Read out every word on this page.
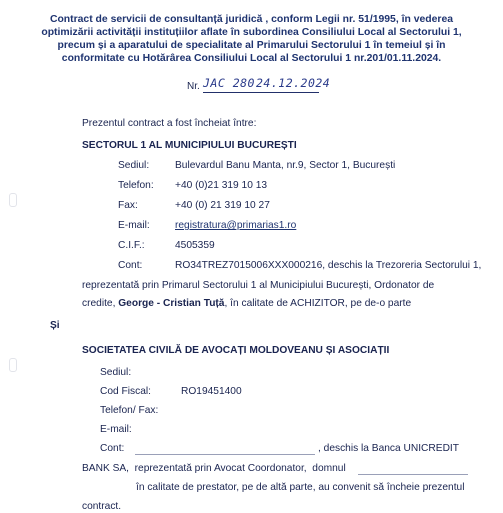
Contract de servicii de consultanță juridică , conform Legii nr. 51/1995, în vederea
optimizării activității instituțiilor aflate în subordinea Consiliului Local al Sectorului 1,
precum și a aparatului de specialitate al Primarului Sectorului 1 în temeiul și în
conformitate cu Hotărârea Consiliului Local al Sectorului 1 nr.201/01.11.2024.
Nr. JAC 280 24.12.2024
Prezentul contract a fost încheiat între:
SECTORUL 1 AL MUNICIPIULUI BUCUREȘTI
Sediul:	Bulevardul Banu Manta, nr.9, Sector 1, București
Telefon: +40 (0)21 319 10 13
Fax:	+40 (0) 21 319 10 27
E-mail: registratura@primarias1.ro
C.I.F.:	4505359
Cont:	RO34TREZ7015006XXX000216, deschis la Trezoreria Sectorului 1,
reprezentată prin Primarul Sectorului 1 al Municipiului București, Ordonator de
credite, George - Cristian Tuță, în calitate de ACHIZITOR, pe de-o parte
Și
SOCIETATEA CIVILĂ DE AVOCAȚI MOLDOVEANU ȘI ASOCIAȚII
Sediul:
Cod Fiscal:	RO19451400
Telefon/ Fax:
E-mail:
Cont:	, deschis la Banca UNICREDIT
BANK SA,  reprezentată prin Avocat Coordonator,  domnul
în calitate de prestator, pe de altă parte, au convenit să încheie prezentul
contract.
